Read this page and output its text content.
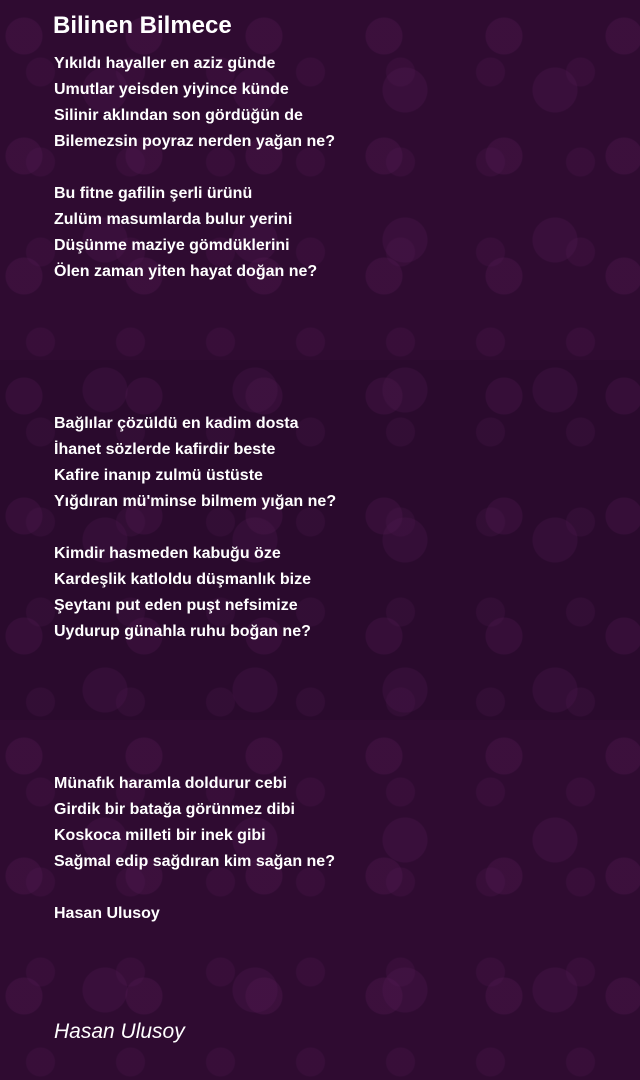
Bilinen Bilmece
Yıkıldı hayaller en aziz günde
Umutlar yeisden yiyince künde
Silinir aklından son gördüğün de
Bilemezsin poyraz nerden yağan ne?
Bu fitne gafilin şerli ürünü
Zulüm masumlarda bulur yerini
Düşünme maziye gömdüklerini
Ölen zaman yiten hayat doğan ne?
Bağlılar çözüldü en kadim dosta
İhanet sözlerde kafirdir beste
Kafire inanıp zulmü üstüste
Yığdıran mü'minse bilmem yığan ne?
Kimdir hasmeden kabuğu öze
Kardeşlik katloldu düşmanlık bize
Şeytanı put eden puşt nefsimize
Uydurup günahla ruhu boğan ne?
Münafık haramla doldurur cebi
Girdik bir batağa görünmez dibi
Koskoca milleti bir inek gibi
Sağmal edip sağdıran kim sağan ne?
Hasan Ulusoy
Hasan Ulusoy
